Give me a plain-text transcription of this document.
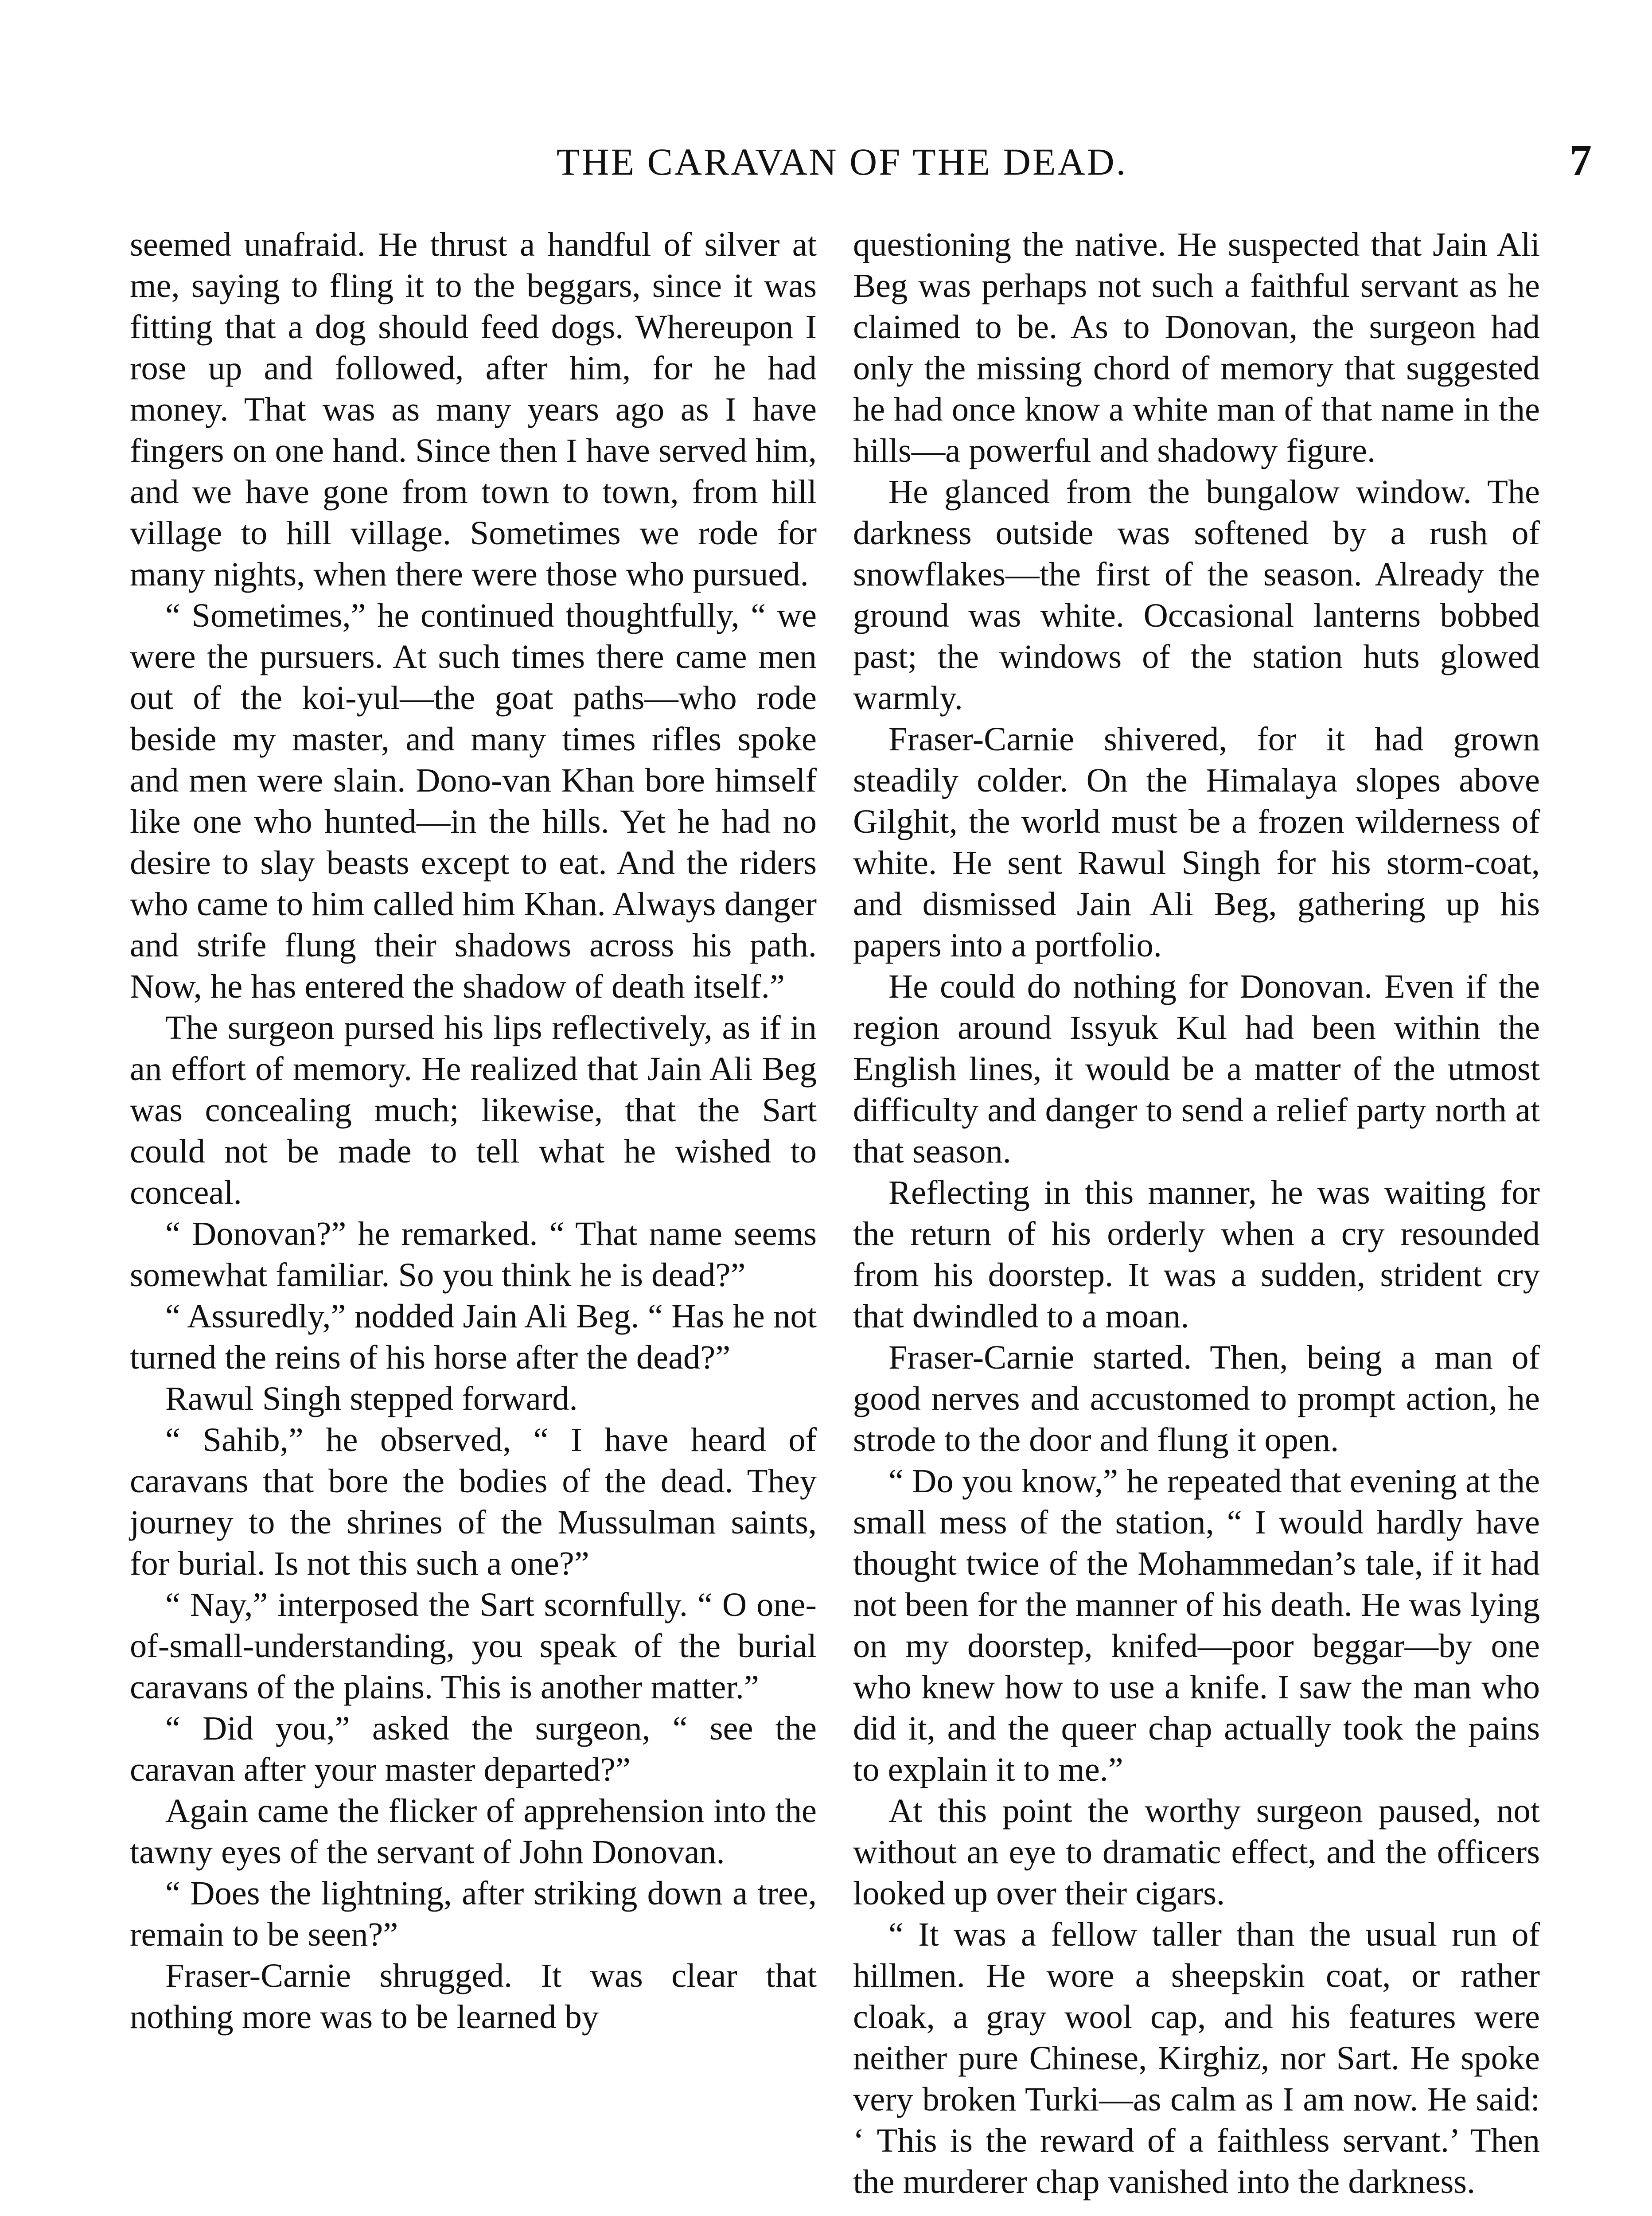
THE CARAVAN OF THE DEAD.	7

seemed unafraid. He thrust a handful of silver at me, saying to fling it to the beggars, since it was fitting that a dog should feed dogs. Whereupon I rose up and followed, after him, for he had money. That was as many years ago as I have fingers on one hand. Since then I have served him, and we have gone from town to town, from hill village to hill village. Sometimes we rode for many nights, when there were those who pursued.

“ Sometimes,” he continued thoughtfully, “ we were the pursuers. At such times there came men out of the koi-yul—the goat paths—who rode beside my master, and many times rifles spoke and men were slain. Dono-van Khan bore himself like one who hunted—in the hills. Yet he had no desire to slay beasts except to eat. And the riders who came to him called him Khan. Always danger and strife flung their shadows across his path. Now, he has entered the shadow of death itself.”

The surgeon pursed his lips reflectively, as if in an effort of memory. He realized that Jain Ali Beg was concealing much; likewise, that the Sart could not be made to tell what he wished to conceal.

“ Donovan?” he remarked. “ That name seems somewhat familiar. So you think he is dead?”

“ Assuredly,” nodded Jain Ali Beg. “ Has he not turned the reins of his horse after the dead?”

Rawul Singh stepped forward.

“ Sahib,” he observed, “ I have heard of caravans that bore the bodies of the dead. They journey to the shrines of the Mussulman saints, for burial. Is not this such a one?”

“ Nay,” interposed the Sart scornfully. “ O one-of-small-understanding, you speak of the burial caravans of the plains. This is another matter.”

“ Did you,” asked the surgeon, “ see the caravan after your master departed?”

Again came the flicker of apprehension into the tawny eyes of the servant of John Donovan.

“ Does the lightning, after striking down a tree, remain to be seen?”

Fraser-Carnie shrugged. It was clear that nothing more was to be learned by

questioning the native. He suspected that Jain Ali Beg was perhaps not such a faithful servant as he claimed to be. As to Donovan, the surgeon had only the missing chord of memory that suggested he had once know a white man of that name in the hills—a powerful and shadowy figure.

He glanced from the bungalow window. The darkness outside was softened by a rush of snowflakes—the first of the season. Already the ground was white. Occasional lanterns bobbed past; the windows of the station huts glowed warmly.

Fraser-Carnie shivered, for it had grown steadily colder. On the Himalaya slopes above Gilghit, the world must be a frozen wilderness of white. He sent Rawul Singh for his storm-coat, and dismissed Jain Ali Beg, gathering up his papers into a portfolio.

He could do nothing for Donovan. Even if the region around Issyuk Kul had been within the English lines, it would be a matter of the utmost difficulty and danger to send a relief party north at that season.

Reflecting in this manner, he was waiting for the return of his orderly when a cry resounded from his doorstep. It was a sudden, strident cry that dwindled to a moan.

Fraser-Carnie started. Then, being a man of good nerves and accustomed to prompt action, he strode to the door and flung it open.

“ Do you know,” he repeated that evening at the small mess of the station, “ I would hardly have thought twice of the Mohammedan’s tale, if it had not been for the manner of his death. He was lying on my doorstep, knifed—poor beggar—by one who knew how to use a knife. I saw the man who did it, and the queer chap actually took the pains to explain it to me.”

At this point the worthy surgeon paused, not without an eye to dramatic effect, and the officers looked up over their cigars.

“ It was a fellow taller than the usual run of hillmen. He wore a sheepskin coat, or rather cloak, a gray wool cap, and his features were neither pure Chinese, Kirghiz, nor Sart. He spoke very broken Turki—as calm as I am now. He said: ‘ This is the reward of a faithless servant.’ Then the murderer chap vanished into the darkness.
